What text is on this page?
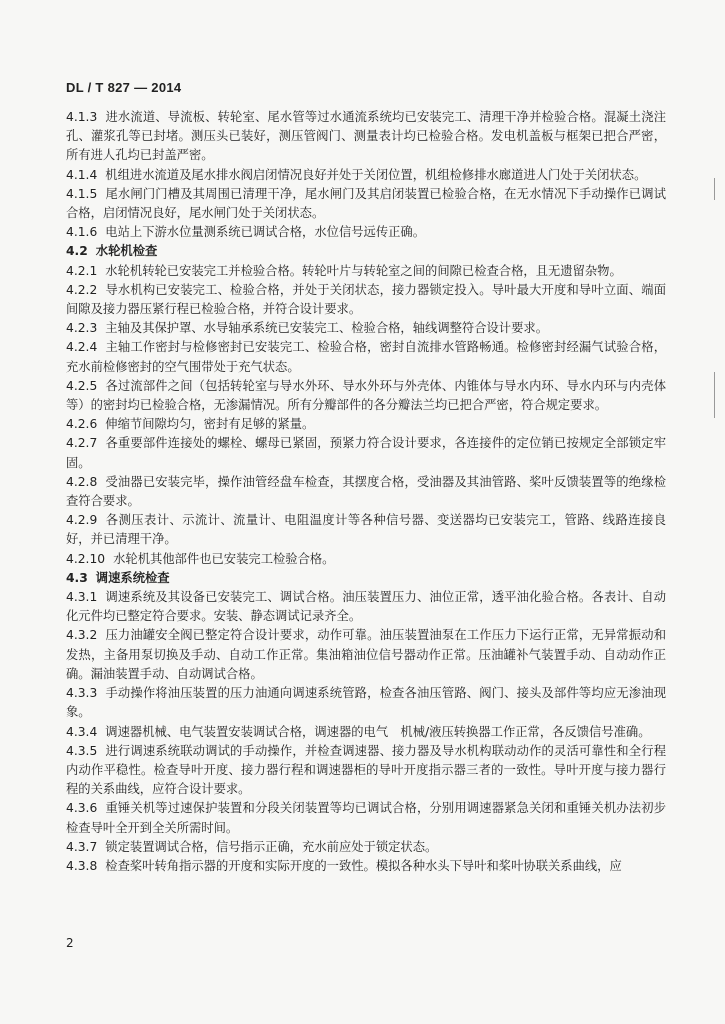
DL / T 827 — 2014

4.1.3 进水流道、导流板、转轮室、尾水管等过水通流系统均已安装完工、清理干净并检验合格。混凝土浇注孔、灌浆孔等已封堵。测压头已装好，测压管阀门、测量表计均已检验合格。发电机盖板与框架已把合严密，所有进人孔均已封盖严密。

4.1.4 机组进水流道及尾水排水阀启闭情况良好并处于关闭位置，机组检修排水廊道进人门处于关闭状态。

4.1.5 尾水闸门门槽及其周围已清理干净，尾水闸门及其启闭装置已检验合格，在无水情况下手动操作已调试合格，启闭情况良好，尾水闸门处于关闭状态。

4.1.6 电站上下游水位量测系统已调试合格，水位信号远传正确。

4.2 水轮机检查

4.2.1 水轮机转轮已安装完工并检验合格。转轮叶片与转轮室之间的间隙已检查合格，且无遗留杂物。

4.2.2 导水机构已安装完工、检验合格，并处于关闭状态，接力器锁定投入。导叶最大开度和导叶立面、端面间隙及接力器压紧行程已检验合格，并符合设计要求。

4.2.3 主轴及其保护罩、水导轴承系统已安装完工、检验合格，轴线调整符合设计要求。

4.2.4 主轴工作密封与检修密封已安装完工、检验合格，密封自流排水管路畅通。检修密封经漏气试验合格，充水前检修密封的空气围带处于充气状态。

4.2.5 各过流部件之间（包括转轮室与导水外环、导水外环与外壳体、内锥体与导水内环、导水内环与内壳体等）的密封均已检验合格，无渗漏情况。所有分瓣部件的各分瓣法兰均已把合严密，符合规定要求。

4.2.6 伸缩节间隙均匀，密封有足够的紧量。

4.2.7 各重要部件连接处的螺栓、螺母已紧固，预紧力符合设计要求，各连接件的定位销已按规定全部锁定牢固。

4.2.8 受油器已安装完毕，操作油管经盘车检查，其摆度合格，受油器及其油管路、桨叶反馈装置等的绝缘检查符合要求。

4.2.9 各测压表计、示流计、流量计、电阻温度计等各种信号器、变送器均已安装完工，管路、线路连接良好，并已清理干净。

4.2.10 水轮机其他部件也已安装完工检验合格。

4.3 调速系统检查

4.3.1 调速系统及其设备已安装完工、调试合格。油压装置压力、油位正常，透平油化验合格。各表计、自动化元件均已整定符合要求。安装、静态调试记录齐全。

4.3.2 压力油罐安全阀已整定符合设计要求，动作可靠。油压装置油泵在工作压力下运行正常，无异常振动和发热，主备用泵切换及手动、自动工作正常。集油箱油位信号器动作正常。压油罐补气装置手动、自动动作正确。漏油装置手动、自动调试合格。

4.3.3 手动操作将油压装置的压力油通向调速系统管路，检查各油压管路、阀门、接头及部件等均应无渗油现象。

4.3.4 调速器机械、电气装置安装调试合格，调速器的电气　机械/液压转换器工作正常，各反馈信号准确。

4.3.5 进行调速系统联动调试的手动操作，并检查调速器、接力器及导水机构联动动作的灵活可靠性和全行程内动作平稳性。检查导叶开度、接力器行程和调速器柜的导叶开度指示器三者的一致性。导叶开度与接力器行程的关系曲线，应符合设计要求。

4.3.6 重锤关机等过速保护装置和分段关闭装置等均已调试合格，分别用调速器紧急关闭和重锤关机办法初步检查导叶全开到全关所需时间。

4.3.7 锁定装置调试合格，信号指示正确，充水前应处于锁定状态。

4.3.8 检查桨叶转角指示器的开度和实际开度的一致性。模拟各种水头下导叶和桨叶协联关系曲线，应

2
